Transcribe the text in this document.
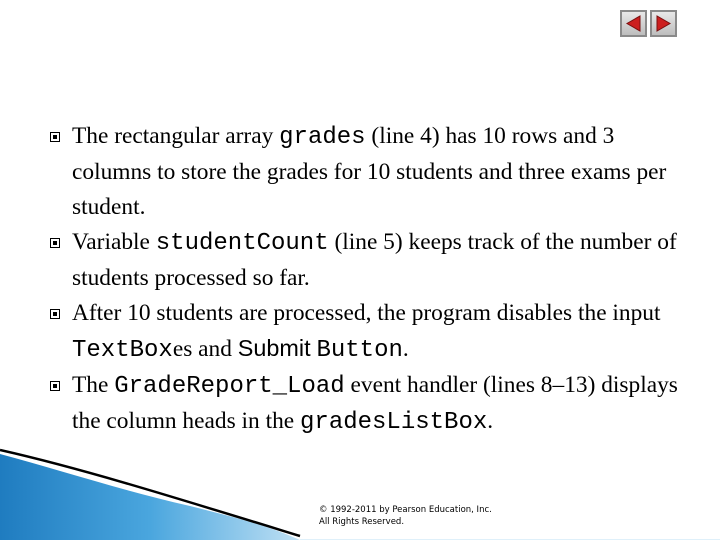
The rectangular array grades (line 4) has 10 rows and 3 columns to store the grades for 10 students and three exams per student.
Variable studentCount (line 5) keeps track of the number of students processed so far.
After 10 students are processed, the program disables the input TextBoxes and Submit Button.
The GradeReport_Load event handler (lines 8–13) displays the column heads in the gradesListBox.
© 1992-2011 by Pearson Education, Inc.
All Rights Reserved.
